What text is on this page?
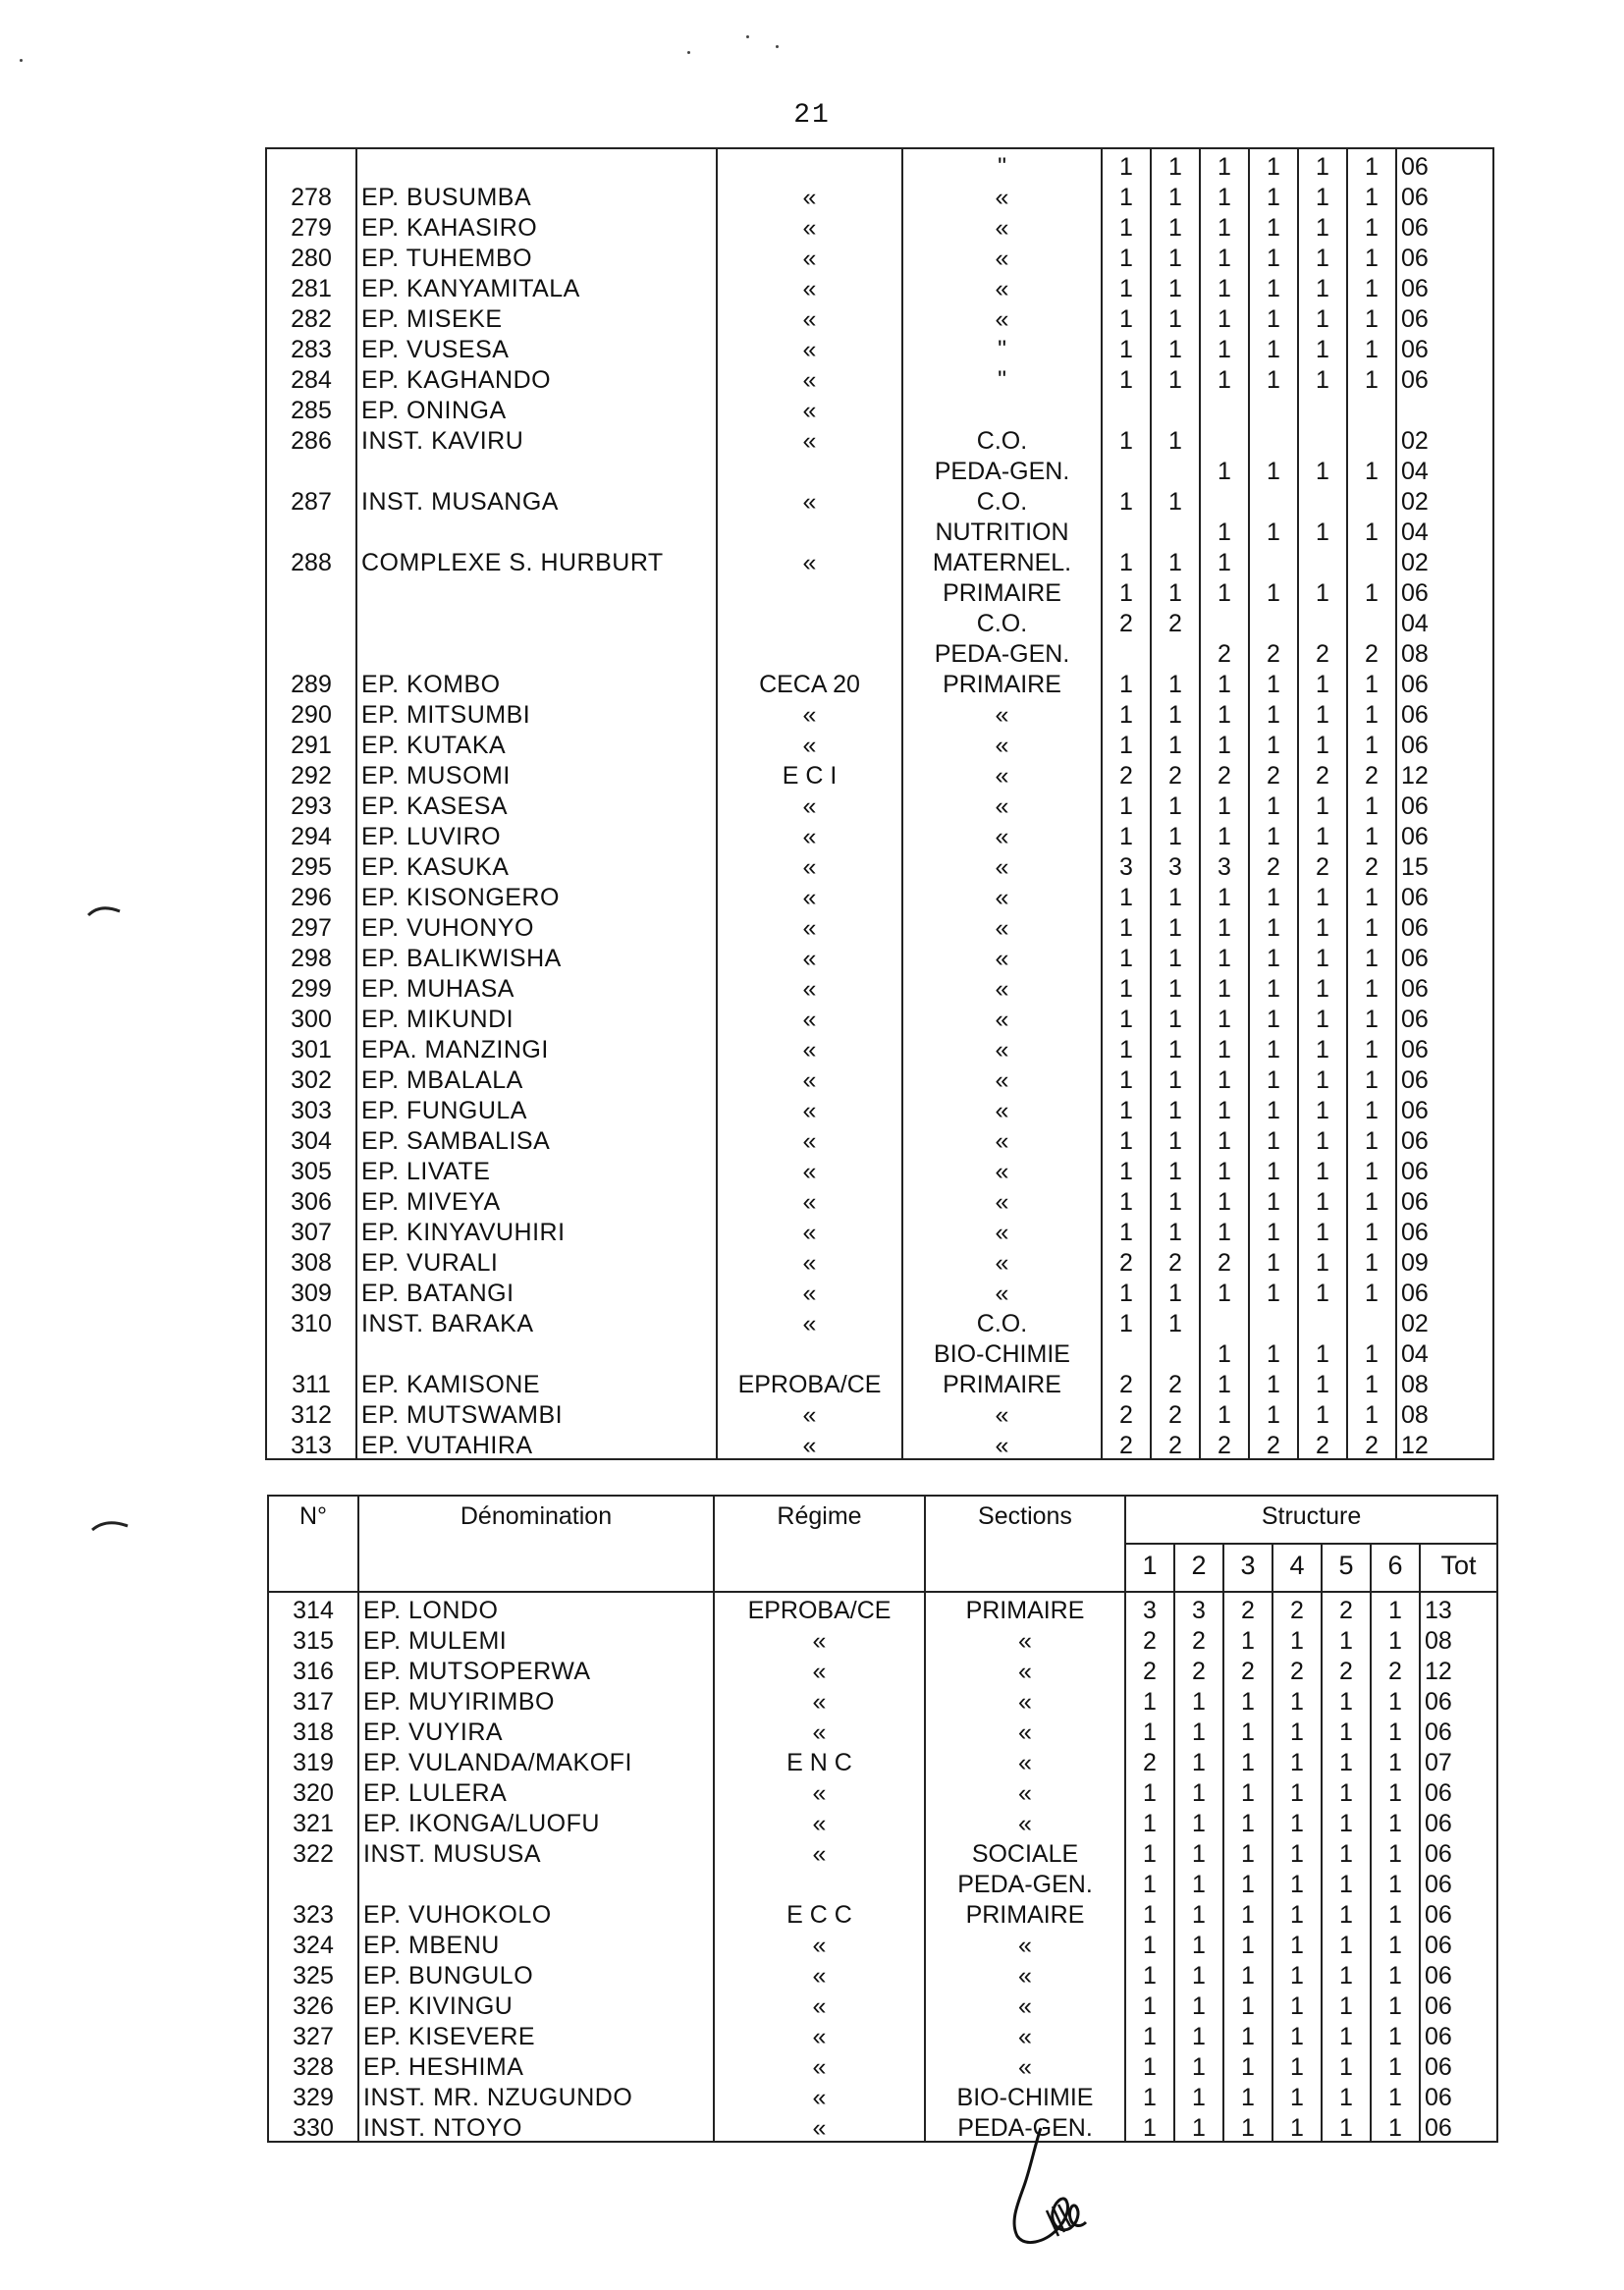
21
			"	1	1	1	1	1	1	06
278	EP. BUSUMBA	«	«	1	1	1	1	1	1	06
279	EP. KAHASIRO	«	«	1	1	1	1	1	1	06
280	EP. TUHEMBO	«	«	1	1	1	1	1	1	06
281	EP. KANYAMITALA	«	«	1	1	1	1	1	1	06
282	EP. MISEKE	«	«	1	1	1	1	1	1	06
283	EP. VUSESA	«	"	1	1	1	1	1	1	06
284	EP. KAGHANDO	«	"	1	1	1	1	1	1	06
285	EP. ONINGA	«								
286	INST. KAVIRU	«	C.O.	1	1					02
			PEDA-GEN.			1	1	1	1	04
287	INST. MUSANGA	«	C.O.	1	1					02
			NUTRITION			1	1	1	1	04
288	COMPLEXE S. HURBURT	«	MATERNEL.	1	1	1				02
			PRIMAIRE	1	1	1	1	1	1	06
			C.O.	2	2					04
			PEDA-GEN.			2	2	2	2	08
289	EP. KOMBO	CECA 20	PRIMAIRE	1	1	1	1	1	1	06
290	EP. MITSUMBI	«	«	1	1	1	1	1	1	06
291	EP. KUTAKA	«	«	1	1	1	1	1	1	06
292	EP. MUSOMI	E C I	«	2	2	2	2	2	2	12
293	EP. KASESA	«	«	1	1	1	1	1	1	06
294	EP. LUVIRO	«	«	1	1	1	1	1	1	06
295	EP. KASUKA	«	«	3	3	3	2	2	2	15
296	EP. KISONGERO	«	«	1	1	1	1	1	1	06
297	EP. VUHONYO	«	«	1	1	1	1	1	1	06
298	EP. BALIKWISHA	«	«	1	1	1	1	1	1	06
299	EP. MUHASA	«	«	1	1	1	1	1	1	06
300	EP. MIKUNDI	«	«	1	1	1	1	1	1	06
301	EPA. MANZINGI	«	«	1	1	1	1	1	1	06
302	EP. MBALALA	«	«	1	1	1	1	1	1	06
303	EP. FUNGULA	«	«	1	1	1	1	1	1	06
304	EP. SAMBALISA	«	«	1	1	1	1	1	1	06
305	EP. LIVATE	«	«	1	1	1	1	1	1	06
306	EP. MIVEYA	«	«	1	1	1	1	1	1	06
307	EP. KINYAVUHIRI	«	«	1	1	1	1	1	1	06
308	EP. VURALI	«	«	2	2	2	1	1	1	09
309	EP. BATANGI	«	«	1	1	1	1	1	1	06
310	INST. BARAKA	«	C.O.	1	1					02
			BIO-CHIMIE			1	1	1	1	04
311	EP. KAMISONE	EPROBA/CE	PRIMAIRE	2	2	1	1	1	1	08
312	EP. MUTSWAMBI	«	«	2	2	1	1	1	1	08
313	EP. VUTAHIRA	«	«	2	2	2	2	2	2	12
N°	Dénomination	Régime	Sections	Structure						
				1	2	3	4	5	6	Tot
314	EP. LONDO	EPROBA/CE	PRIMAIRE	3	3	2	2	2	1	13
315	EP. MULEMI	«	«	2	2	1	1	1	1	08
316	EP. MUTSOPERWA	«	«	2	2	2	2	2	2	12
317	EP. MUYIRIMBO	«	«	1	1	1	1	1	1	06
318	EP. VUYIRA	«	«	1	1	1	1	1	1	06
319	EP. VULANDA/MAKOFI	E N C	«	2	1	1	1	1	1	07
320	EP. LULERA	«	«	1	1	1	1	1	1	06
321	EP. IKONGA/LUOFU	«	«	1	1	1	1	1	1	06
322	INST. MUSUSA	«	SOCIALE	1	1	1	1	1	1	06
			PEDA-GEN.	1	1	1	1	1	1	06
323	EP. VUHOKOLO	E C C	PRIMAIRE	1	1	1	1	1	1	06
324	EP. MBENU	«	«	1	1	1	1	1	1	06
325	EP. BUNGULO	«	«	1	1	1	1	1	1	06
326	EP. KIVINGU	«	«	1	1	1	1	1	1	06
327	EP. KISEVERE	«	«	1	1	1	1	1	1	06
328	EP. HESHIMA	«	«	1	1	1	1	1	1	06
329	INST. MR. NZUGUNDO	«	BIO-CHIMIE	1	1	1	1	1	1	06
330	INST. NTOYO	«	PEDA-GEN.	1	1	1	1	1	1	06
